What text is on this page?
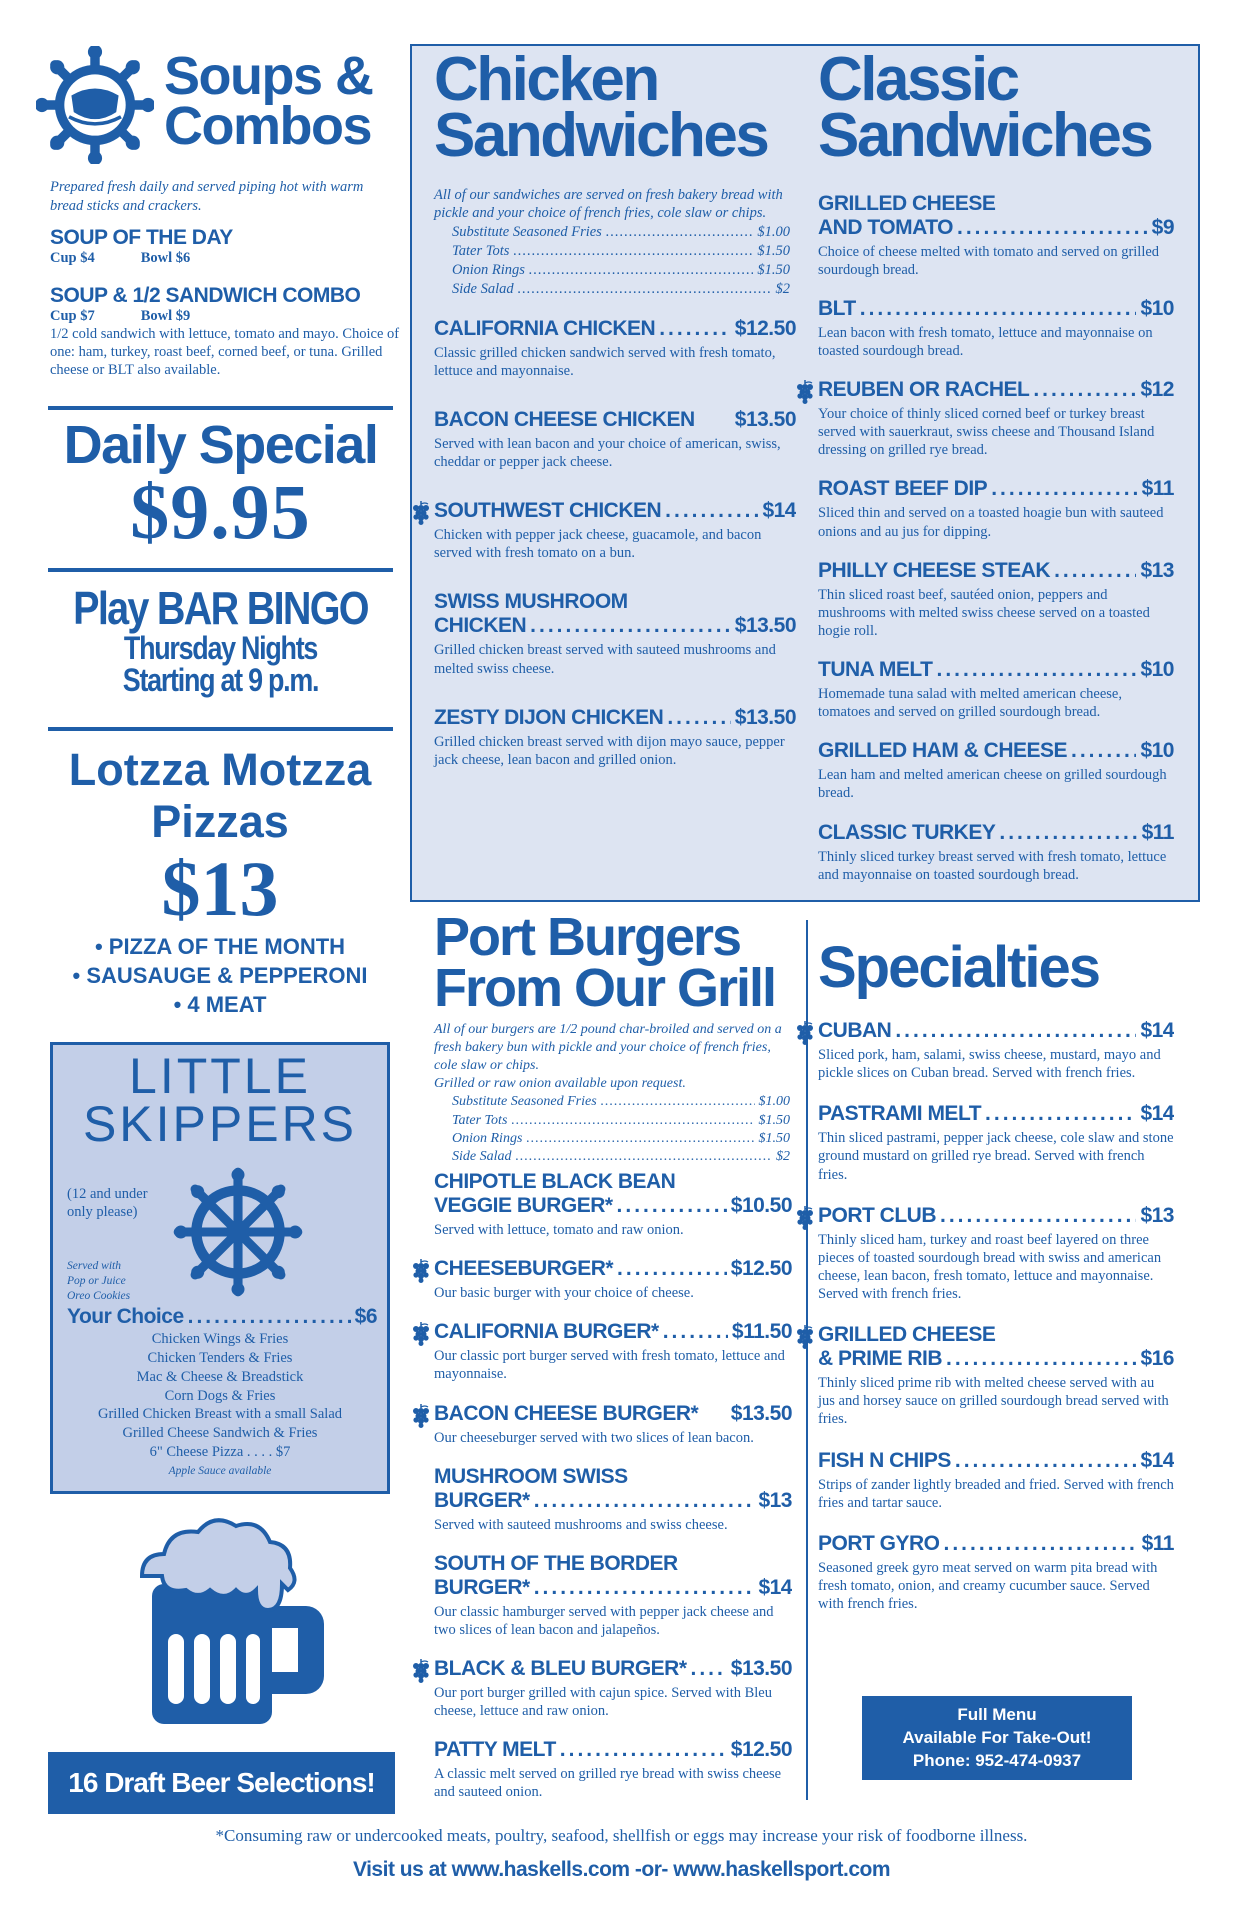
Soups &
Combos
Prepared fresh daily and served piping hot with warm bread sticks and crackers.
SOUP OF THE DAY
Cup $4	Bowl $6
SOUP & 1/2 SANDWICH COMBO
Cup $7	Bowl $9
1/2 cold sandwich with lettuce, tomato and mayo. Choice of one: ham, turkey, roast beef, corned beef, or tuna. Grilled cheese or BLT also available.
Daily Special
$9.95
Play BAR BINGO
Thursday Nights
Starting at 9 p.m.
Lotzza Motzza
Pizzas
$13
• PIZZA OF THE MONTH
• SAUSAUGE & PEPPERONI
• 4 MEAT
LITTLE
SKIPPERS
(12 and under only please)
Served with
Pop or Juice
Oreo Cookies
Your Choice .....	$6
Chicken Wings & Fries
Chicken Tenders & Fries
Mac & Cheese & Breadstick
Corn Dogs & Fries
Grilled Chicken Breast with a small Salad
Grilled Cheese Sandwich & Fries
6" Cheese Pizza . . . . $7
Apple Sauce available
16 Draft Beer Selections!
Chicken
Sandwiches
All of our sandwiches are served on fresh bakery bread with pickle and your choice of french fries, cole slaw or chips.
Substitute Seasoned Fries .....	$1.00
Tater Tots .....	$1.50
Onion Rings .....	$1.50
Side Salad .....	$2
CALIFORNIA CHICKEN .....	$12.50
Classic grilled chicken sandwich served with fresh tomato, lettuce and mayonnaise.
BACON CHEESE CHICKEN $13.50
Served with lean bacon and your choice of american, swiss, cheddar or pepper jack cheese.
SOUTHWEST CHICKEN .....	$14
Chicken with pepper jack cheese, guacamole, and bacon served with fresh tomato on a bun.
SWISS MUSHROOM
CHICKEN .....	$13.50
Grilled chicken breast served with sauteed mushrooms and melted swiss cheese.
ZESTY DIJON CHICKEN .....	$13.50
Grilled chicken breast served with dijon mayo sauce, pepper jack cheese, lean bacon and grilled onion.
Classic
Sandwiches
GRILLED CHEESE
AND TOMATO .....	$9
Choice of cheese melted with tomato and served on grilled sourdough bread.
BLT .....	$10
Lean bacon with fresh tomato, lettuce and mayonnaise on toasted sourdough bread.
REUBEN OR RACHEL .....	$12
Your choice of thinly sliced corned beef or turkey breast served with sauerkraut, swiss cheese and Thousand Island dressing on grilled rye bread.
ROAST BEEF DIP .....	$11
Sliced thin and served on a toasted hoagie bun with sauteed onions and au jus for dipping.
PHILLY CHEESE STEAK .....	$13
Thin sliced roast beef, sautéed onion, peppers and mushrooms with melted swiss cheese served on a toasted hogie roll.
TUNA MELT .....	$10
Homemade tuna salad with melted american cheese, tomatoes and served on grilled sourdough bread.
GRILLED HAM & CHEESE .....	$10
Lean ham and melted american cheese on grilled sourdough bread.
CLASSIC TURKEY .....	$11
Thinly sliced turkey breast served with fresh tomato, lettuce and mayonnaise on toasted sourdough bread.
Port Burgers
From Our Grill
All of our burgers are 1/2 pound char-broiled and served on a fresh bakery bun with pickle and your choice of french fries, cole slaw or chips.
Grilled or raw onion available upon request.
Substitute Seasoned Fries .....	$1.00
Tater Tots .....	$1.50
Onion Rings .....	$1.50
Side Salad .....	$2
CHIPOTLE BLACK BEAN
VEGGIE BURGER* .....	$10.50
Served with lettuce, tomato and raw onion.
CHEESEBURGER* .....	$12.50
Our basic burger with your choice of cheese.
CALIFORNIA BURGER* .....	$11.50
Our classic port burger served with fresh tomato, lettuce and mayonnaise.
BACON CHEESE BURGER* $13.50
Our cheeseburger served with two slices of lean bacon.
MUSHROOM SWISS
BURGER* .....	$13
Served with sauteed mushrooms and swiss cheese.
SOUTH OF THE BORDER
BURGER* .....	$14
Our classic hamburger served with pepper jack cheese and two slices of lean bacon and jalapeños.
BLACK & BLEU BURGER* ..... $13.50
Our port burger grilled with cajun spice. Served with Bleu cheese, lettuce and raw onion.
PATTY MELT .....	$12.50
A classic melt served on grilled rye bread with swiss cheese and sauteed onion.
Specialties
CUBAN .....	$14
Sliced pork, ham, salami, swiss cheese, mustard, mayo and pickle slices on Cuban bread. Served with french fries.
PASTRAMI MELT .....	$14
Thin sliced pastrami, pepper jack cheese, cole slaw and stone ground mustard on grilled rye bread. Served with french fries.
PORT CLUB .....	$13
Thinly sliced ham, turkey and roast beef layered on three pieces of toasted sourdough bread with swiss and american cheese, lean bacon, fresh tomato, lettuce and mayonnaise. Served with french fries.
GRILLED CHEESE
& PRIME RIB .....	$16
Thinly sliced prime rib with melted cheese served with au jus and horsey sauce on grilled sourdough bread served with fries.
FISH N CHIPS .....	$14
Strips of zander lightly breaded and fried. Served with french fries and tartar sauce.
PORT GYRO .....	$11
Seasoned greek gyro meat served on warm pita bread with fresh tomato, onion, and creamy cucumber sauce. Served with french fries.
Full Menu
Available For Take-Out!
Phone: 952-474-0937
*Consuming raw or undercooked meats, poultry, seafood, shellfish or eggs may increase your risk of foodborne illness.
Visit us at www.haskells.com -or- www.haskellsport.com
